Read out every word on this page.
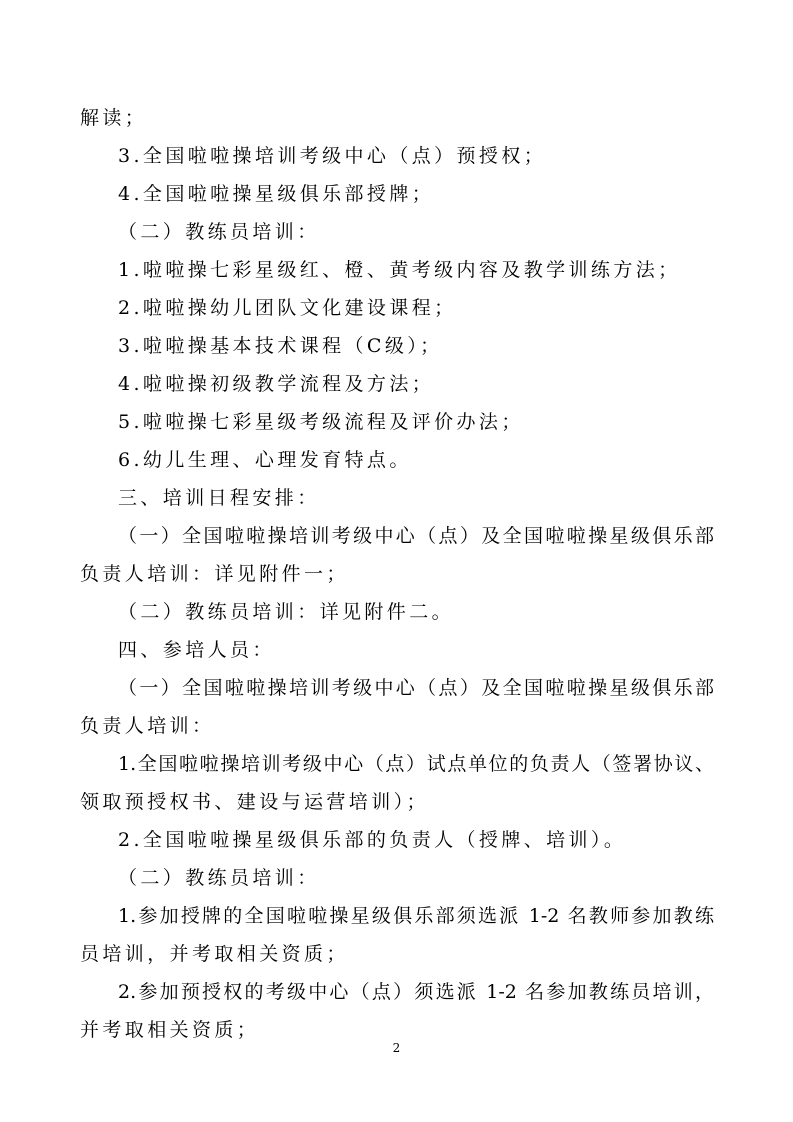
解读；
3.全国啦啦操培训考级中心（点）预授权；
4.全国啦啦操星级俱乐部授牌；
（二）教练员培训：
1.啦啦操七彩星级红、橙、黄考级内容及教学训练方法；
2.啦啦操幼儿团队文化建设课程；
3.啦啦操基本技术课程（C级）；
4.啦啦操初级教学流程及方法；
5.啦啦操七彩星级考级流程及评价办法；
6.幼儿生理、心理发育特点。
三、培训日程安排：
（一）全国啦啦操培训考级中心（点）及全国啦啦操星级俱乐部
负责人培训：详见附件一；
（二）教练员培训：详见附件二。
四、参培人员：
（一）全国啦啦操培训考级中心（点）及全国啦啦操星级俱乐部
负责人培训：
1.全国啦啦操培训考级中心（点）试点单位的负责人（签署协议、
领取预授权书、建设与运营培训）；
2.全国啦啦操星级俱乐部的负责人（授牌、培训）。
（二）教练员培训：
1.参加授牌的全国啦啦操星级俱乐部须选派 1-2 名教师参加教练
员培训，并考取相关资质；
2.参加预授权的考级中心（点）须选派 1-2 名参加教练员培训，
并考取相关资质；
2
